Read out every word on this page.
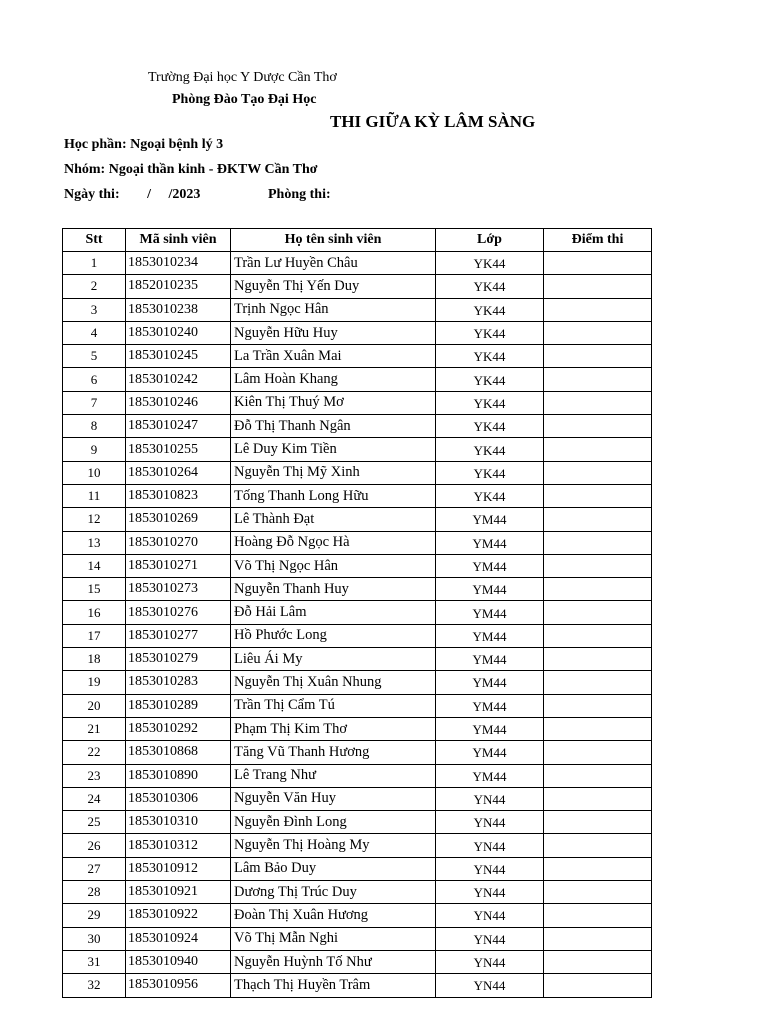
Trường Đại học Y Dược Cần Thơ
Phòng Đào Tạo Đại Học
THI GIỮA KỲ LÂM SÀNG
Học phần: Ngoại bệnh lý 3
Nhóm: Ngoại thần kinh - ĐKTW Cần Thơ
Ngày thi: /     /2023	Phòng thi:
Stt	Mã sinh viên	Họ tên sinh viên	Lớp	Điểm thi
1	1853010234	Trần Lư Huyền Châu	YK44	
2	1852010235	Nguyễn Thị Yến Duy	YK44	
3	1853010238	Trịnh Ngọc Hân	YK44	
4	1853010240	Nguyễn Hữu Huy	YK44	
5	1853010245	La Trần Xuân Mai	YK44	
6	1853010242	Lâm Hoàn Khang	YK44	
7	1853010246	Kiên Thị Thuý Mơ	YK44	
8	1853010247	Đỗ Thị Thanh Ngân	YK44	
9	1853010255	Lê Duy Kim Tiền	YK44	
10	1853010264	Nguyễn Thị Mỹ Xinh	YK44	
11	1853010823	Tống Thanh Long Hữu	YK44	
12	1853010269	Lê Thành Đạt	YM44	
13	1853010270	Hoàng Đỗ Ngọc Hà	YM44	
14	1853010271	Võ Thị Ngọc Hân	YM44	
15	1853010273	Nguyễn Thanh Huy	YM44	
16	1853010276	Đỗ Hải Lâm	YM44	
17	1853010277	Hồ Phước Long	YM44	
18	1853010279	Liêu Ái My	YM44	
19	1853010283	Nguyễn Thị Xuân Nhung	YM44	
20	1853010289	Trần Thị Cẩm Tú	YM44	
21	1853010292	Phạm Thị Kim Thơ	YM44	
22	1853010868	Tăng Vũ Thanh Hương	YM44	
23	1853010890	Lê Trang Như	YM44	
24	1853010306	Nguyễn Văn Huy	YN44	
25	1853010310	Nguyễn Đình Long	YN44	
26	1853010312	Nguyễn Thị Hoàng My	YN44	
27	1853010912	Lâm Bảo Duy	YN44	
28	1853010921	Dương Thị Trúc Duy	YN44	
29	1853010922	Đoàn Thị Xuân Hương	YN44	
30	1853010924	Võ Thị Mẫn Nghi	YN44	
31	1853010940	Nguyễn Huỳnh Tố Như	YN44	
32	1853010956	Thạch Thị Huyền Trâm	YN44	
